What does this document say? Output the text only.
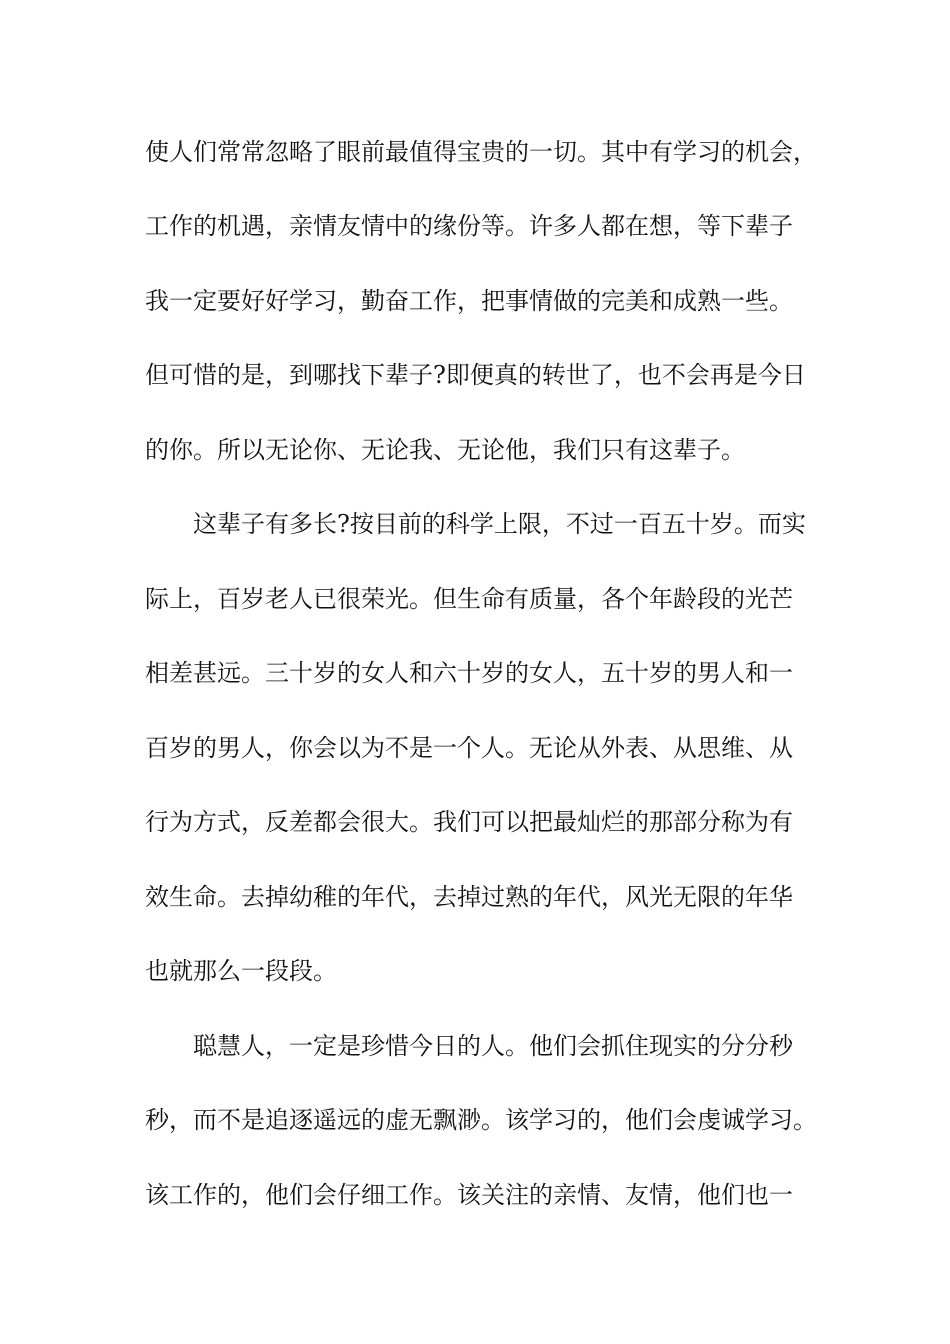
使人们常常忽略了眼前最值得宝贵的一切。其中有学习的机会，
工作的机遇，亲情友情中的缘份等。许多人都在想，等下辈子
我一定要好好学习，勤奋工作，把事情做的完美和成熟一些。
但可惜的是，到哪找下辈子?即便真的转世了，也不会再是今日
的你。所以无论你、无论我、无论他，我们只有这辈子。
这辈子有多长?按目前的科学上限，不过一百五十岁。而实
际上，百岁老人已很荣光。但生命有质量，各个年龄段的光芒
相差甚远。三十岁的女人和六十岁的女人，五十岁的男人和一
百岁的男人，你会以为不是一个人。无论从外表、从思维、从
行为方式，反差都会很大。我们可以把最灿烂的那部分称为有
效生命。去掉幼稚的年代，去掉过熟的年代，风光无限的年华
也就那么一段段。
聪慧人，一定是珍惜今日的人。他们会抓住现实的分分秒
秒，而不是追逐遥远的虚无飘渺。该学习的，他们会虔诚学习。
该工作的，他们会仔细工作。该关注的亲情、友情，他们也一
